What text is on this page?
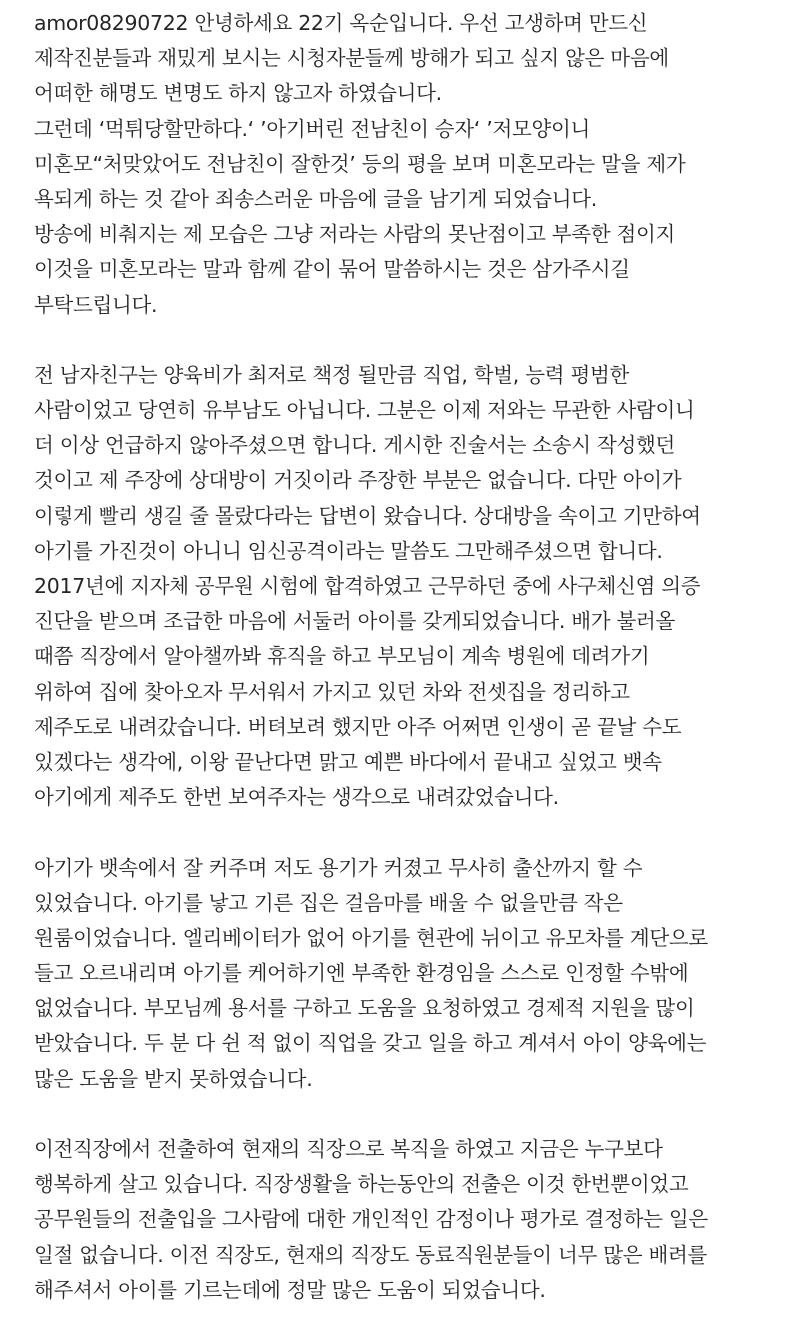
amor08290722 안녕하세요 22기 옥순입니다. 우선 고생하며 만드신
제작진분들과 재밌게 보시는 시청자분들께 방해가 되고 싶지 않은 마음에
어떠한 해명도 변명도 하지 않고자 하였습니다.
그런데 ‘먹튀당할만하다.‘ ’아기버린 전남친이 승자‘ ’저모양이니
미혼모“처맞았어도 전남친이 잘한것’ 등의 평을 보며 미혼모라는 말을 제가
욕되게 하는 것 같아 죄송스러운 마음에 글을 남기게 되었습니다.
방송에 비춰지는 제 모습은 그냥 저라는 사람의 못난점이고 부족한 점이지
이것을 미혼모라는 말과 함께 같이 묶어 말씀하시는 것은 삼가주시길
부탁드립니다.
전 남자친구는 양육비가 최저로 책정 될만큼 직업, 학벌, 능력 평범한
사람이었고 당연히 유부남도 아닙니다. 그분은 이제 저와는 무관한 사람이니
더 이상 언급하지 않아주셨으면 합니다. 게시한 진술서는 소송시 작성했던
것이고 제 주장에 상대방이 거짓이라 주장한 부분은 없습니다. 다만 아이가
이렇게 빨리 생길 줄 몰랐다라는 답변이 왔습니다. 상대방을 속이고 기만하여
아기를 가진것이 아니니 임신공격이라는 말씀도 그만해주셨으면 합니다.
2017년에 지자체 공무원 시험에 합격하였고 근무하던 중에 사구체신염 의증
진단을 받으며 조급한 마음에 서둘러 아이를 갖게되었습니다. 배가 불러올
때쯤 직장에서 알아챌까봐 휴직을 하고 부모님이 계속 병원에 데려가기
위하여 집에 찾아오자 무서워서 가지고 있던 차와 전셋집을 정리하고
제주도로 내려갔습니다. 버텨보려 했지만 아주 어쩌면 인생이 곧 끝날 수도
있겠다는 생각에, 이왕 끝난다면 맑고 예쁜 바다에서 끝내고 싶었고 뱃속
아기에게 제주도 한번 보여주자는 생각으로 내려갔었습니다.
아기가 뱃속에서 잘 커주며 저도 용기가 커졌고 무사히 출산까지 할 수
있었습니다. 아기를 낳고 기른 집은 걸음마를 배울 수 없을만큼 작은
원룸이었습니다. 엘리베이터가 없어 아기를 현관에 뉘이고 유모차를 계단으로
들고 오르내리며 아기를 케어하기엔 부족한 환경임을 스스로 인정할 수밖에
없었습니다. 부모님께 용서를 구하고 도움을 요청하였고 경제적 지원을 많이
받았습니다. 두 분 다 쉰 적 없이 직업을 갖고 일을 하고 계셔서 아이 양육에는
많은 도움을 받지 못하였습니다.
이전직장에서 전출하여 현재의 직장으로 복직을 하였고 지금은 누구보다
행복하게 살고 있습니다. 직장생활을 하는동안의 전출은 이것 한번뿐이었고
공무원들의 전출입을 그사람에 대한 개인적인 감정이나 평가로 결정하는 일은
일절 없습니다. 이전 직장도, 현재의 직장도 동료직원분들이 너무 많은 배려를
해주셔서 아이를 기르는데에 정말 많은 도움이 되었습니다.
